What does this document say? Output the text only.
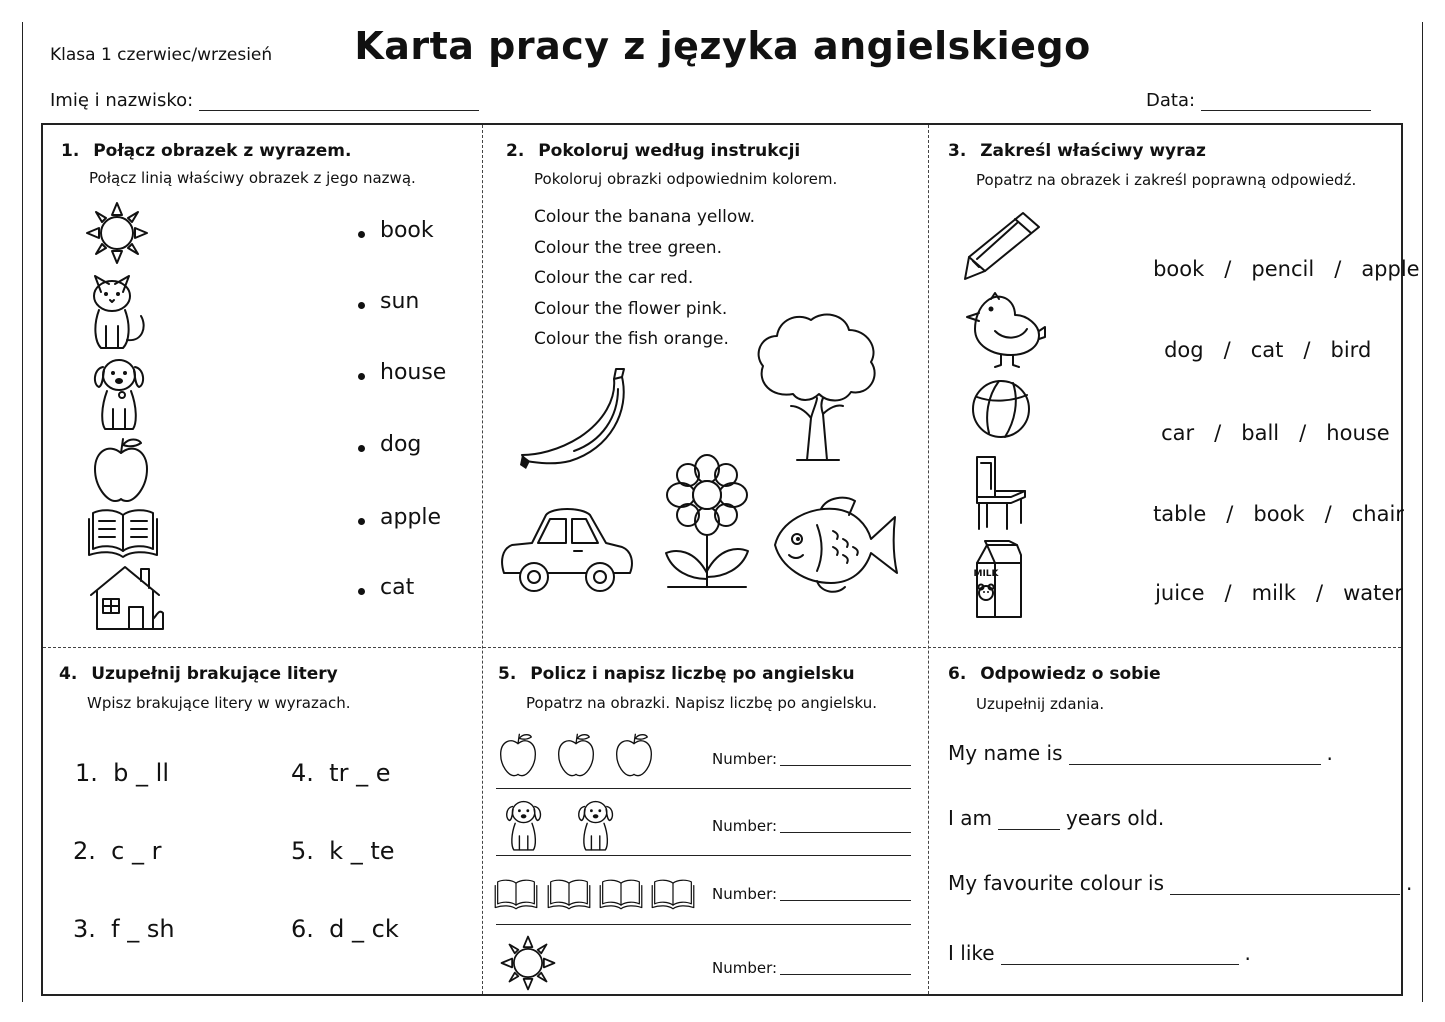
Klasa 1 czerwiec/wrzesień	Karta pracy z języka angielskiego
Imię i nazwisko:	Data:
1. Połącz obrazek z wyrazem.
Połącz linią właściwy obrazek z jego nazwą.
book
sun
house
dog
apple
cat
2. Pokoloruj według instrukcji
Pokoloruj obrazki odpowiednim kolorem.
Colour the banana yellow.
Colour the tree green.
Colour the car red.
Colour the flower pink.
Colour the fish orange.
3. Zakreśl właściwy wyraz
Popatrz na obrazek i zakreśl poprawną odpowiedź.
MILK

book / pencil / apple

dog / cat / bird

car / ball / house

table / book / chair

juice / milk / water

4. Uzupełnij brakujące litery
Wpisz brakujące litery w wyrazach.
1. b _ ll
2. c _ r
3. f _ sh
4. tr _ e
5. k _ te
6. d _ ck
5. Policz i napisz liczbę po angielsku
Popatrz na obrazki. Napisz liczbę po angielsku.
Number:
Number:
Number:
Number:
6. Odpowiedz o sobie
Uzupełnij zdania.
My name is	.
I am	years old.
My favourite colour is	.
I like	.
